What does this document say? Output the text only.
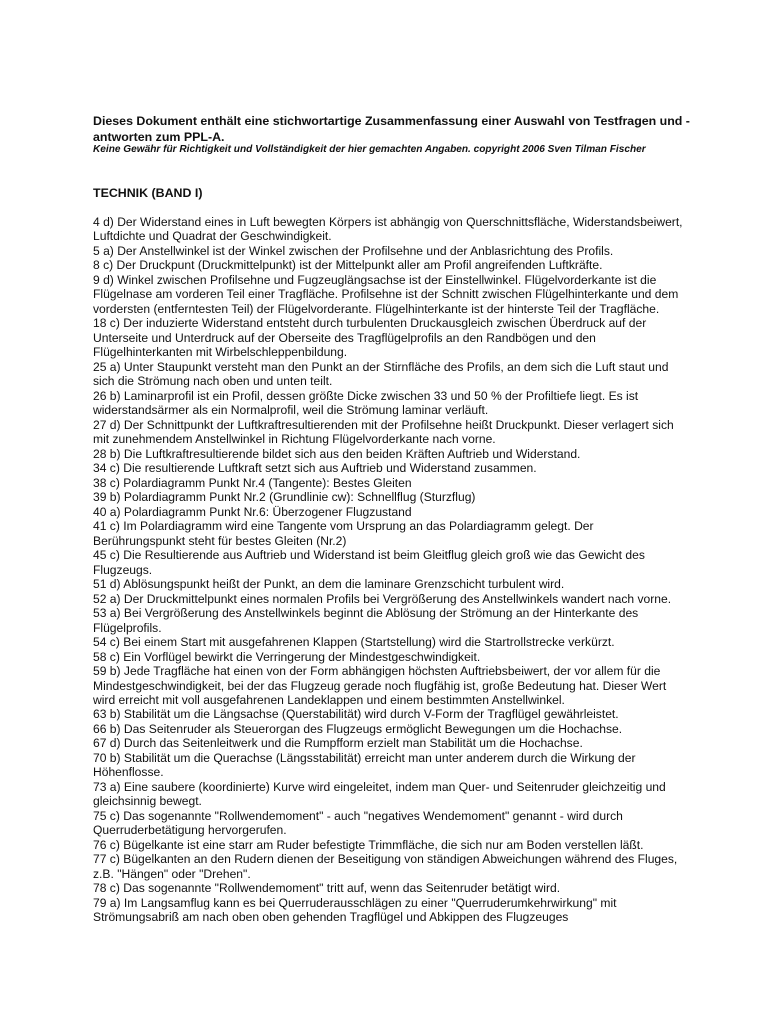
Dieses Dokument enthält eine stichwortartige Zusammenfassung einer Auswahl von Testfragen und -antworten zum PPL-A.

Keine Gewähr für Richtigkeit und Vollständigkeit der hier gemachten Angaben. copyright 2006 Sven Tilman Fischer

TECHNIK (BAND I)

4 d) Der Widerstand eines in Luft bewegten Körpers ist abhängig von Querschnittsfläche, Widerstandsbeiwert, Luftdichte und Quadrat der Geschwindigkeit.

5 a) Der Anstellwinkel ist der Winkel zwischen der Profilsehne und der Anblasrichtung des Profils.

8 c) Der Druckpunt (Druckmittelpunkt) ist der Mittelpunkt aller am Profil angreifenden Luftkräfte.

9 d) Winkel zwischen Profilsehne und Fugzeuglängsachse ist der Einstellwinkel. Flügelvorderkante ist die Flügelnase am vorderen Teil einer Tragfläche. Profilsehne ist der Schnitt zwischen Flügelhinterkante und dem vordersten (entferntesten Teil) der Flügelvorderante. Flügelhinterkante ist der hinterste Teil der Tragfläche.

18 c) Der induzierte Widerstand entsteht durch turbulenten Druckausgleich zwischen Überdruck auf der Unterseite und Unterdruck auf der Oberseite des Tragflügelprofils an den Randbögen und den Flügelhinterkanten mit Wirbelschleppenbildung.

25 a) Unter Staupunkt versteht man den Punkt an der Stirnfläche des Profils, an dem sich die Luft staut und sich die Strömung nach oben und unten teilt.

26 b) Laminarprofil ist ein Profil, dessen größte Dicke zwischen 33 und 50 % der Profiltiefe liegt. Es ist widerstandsärmer als ein Normalprofil, weil die Strömung laminar verläuft.

27 d) Der Schnittpunkt der Luftkraftresultierenden mit der Profilsehne heißt Druckpunkt. Dieser verlagert sich mit zunehmendem Anstellwinkel in Richtung Flügelvorderkante nach vorne.

28 b) Die Luftkraftresultierende bildet sich aus den beiden Kräften Auftrieb und Widerstand.

34 c) Die resultierende Luftkraft setzt sich aus Auftrieb und Widerstand zusammen.

38 c) Polardiagramm Punkt Nr.4 (Tangente): Bestes Gleiten

39 b) Polardiagramm Punkt Nr.2 (Grundlinie cw): Schnellflug (Sturzflug)

40 a) Polardiagramm Punkt Nr.6: Überzogener Flugzustand

41 c) Im Polardiagramm wird eine Tangente vom Ursprung an das Polardiagramm gelegt. Der Berührungspunkt steht für bestes Gleiten (Nr.2)

45 c) Die Resultierende aus Auftrieb und Widerstand ist beim Gleitflug gleich groß wie das Gewicht des Flugzeugs.

51 d) Ablösungspunkt heißt der Punkt, an dem die laminare Grenzschicht turbulent wird.

52 a) Der Druckmittelpunkt eines normalen Profils bei Vergrößerung des Anstellwinkels wandert nach vorne.

53 a) Bei Vergrößerung des Anstellwinkels beginnt die Ablösung der Strömung an der Hinterkante des Flügelprofils.

54 c) Bei einem Start mit ausgefahrenen Klappen (Startstellung) wird die Startrollstrecke verkürzt.

58 c) Ein Vorflügel bewirkt die Verringerung der Mindestgeschwindigkeit.

59 b) Jede Tragfläche hat einen von der Form abhängigen höchsten Auftriebsbeiwert, der vor allem für die Mindestgeschwindigkeit, bei der das Flugzeug gerade noch flugfähig ist, große Bedeutung hat. Dieser Wert wird erreicht mit voll ausgefahrenen Landeklappen und einem bestimmten Anstellwinkel.

63 b) Stabilität um die Längsachse (Querstabilität) wird durch V-Form der Tragflügel gewährleistet.

66 b) Das Seitenruder als Steuerorgan des Flugzeugs ermöglicht Bewegungen um die Hochachse.

67 d) Durch das Seitenleitwerk und die Rumpfform erzielt man Stabilität um die Hochachse.

70 b) Stabilität um die Querachse (Längsstabilität) erreicht man unter anderem durch die Wirkung der Höhenflosse.

73 a) Eine saubere (koordinierte) Kurve wird eingeleitet, indem man Quer- und Seitenruder gleichzeitig und gleichsinnig bewegt.

75 c) Das sogenannte "Rollwendemoment" - auch "negatives Wendemoment" genannt - wird durch Querruderbetätigung hervorgerufen.

76 c) Bügelkante ist eine starr am Ruder befestigte Trimmfläche, die sich nur am Boden verstellen läßt.

77 c) Bügelkanten an den Rudern dienen der Beseitigung von ständigen Abweichungen während des Fluges, z.B. "Hängen" oder "Drehen".

78 c) Das sogenannte "Rollwendemoment" tritt auf, wenn das Seitenruder betätigt wird.

79 a) Im Langsamflug kann es bei Querruderausschlägen zu einer "Querruderumkehrwirkung" mit Strömungsabriß am nach oben oben gehenden Tragflügel und Abkippen des Flugzeuges
